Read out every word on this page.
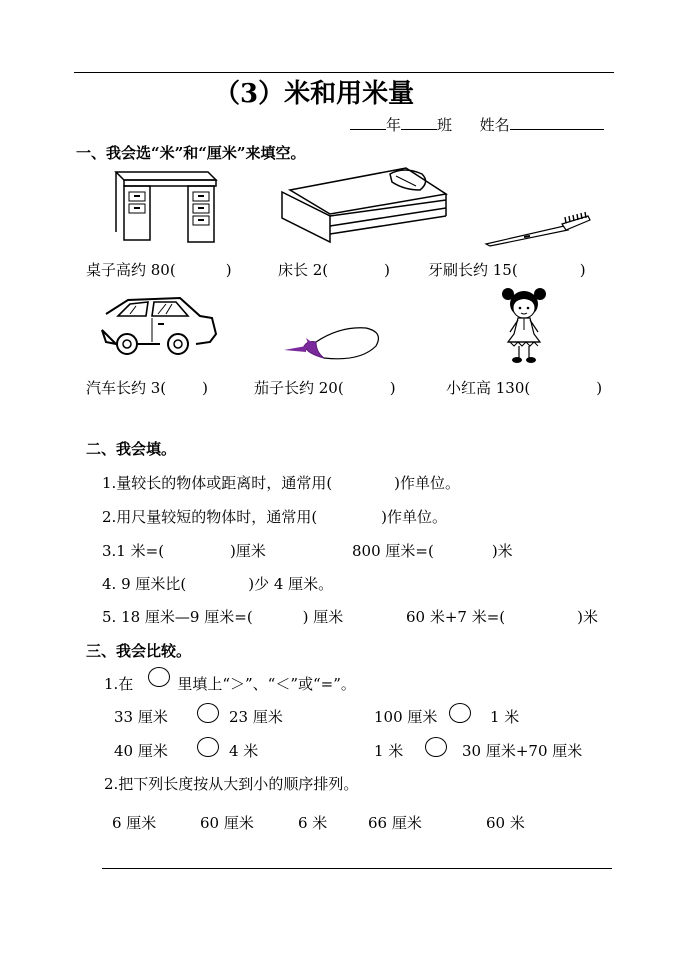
（3）米和用米量
年 班 姓名
一、我会选“米”和“厘米”来填空。
桌子高约 80(	)	床长 2(	)	牙刷长约 15(	)
汽车长约 3( )	茄子长约 20(	)	小红高 130(	)
二、我会填。
1.量较长的物体或距离时，通常用(	)作单位。
2.用尺量较短的物体时，通常用(	)作单位。
3.1 米=(	)厘米	800 厘米=(	)米
4. 9 厘米比(	)少 4 厘米。
5. 18 厘米—9 厘米=(	) 厘米	60 米+7 米=(	)米
三、我会比较。
1.在	里填上“＞”、“＜”或“=”。
33 厘米	23 厘米	100 厘米	1 米
40 厘米	4 米	1 米	30 厘米+70 厘米
2.把下列长度按从大到小的顺序排列。
6 厘米	60 厘米	6 米	66 厘米	60 米
